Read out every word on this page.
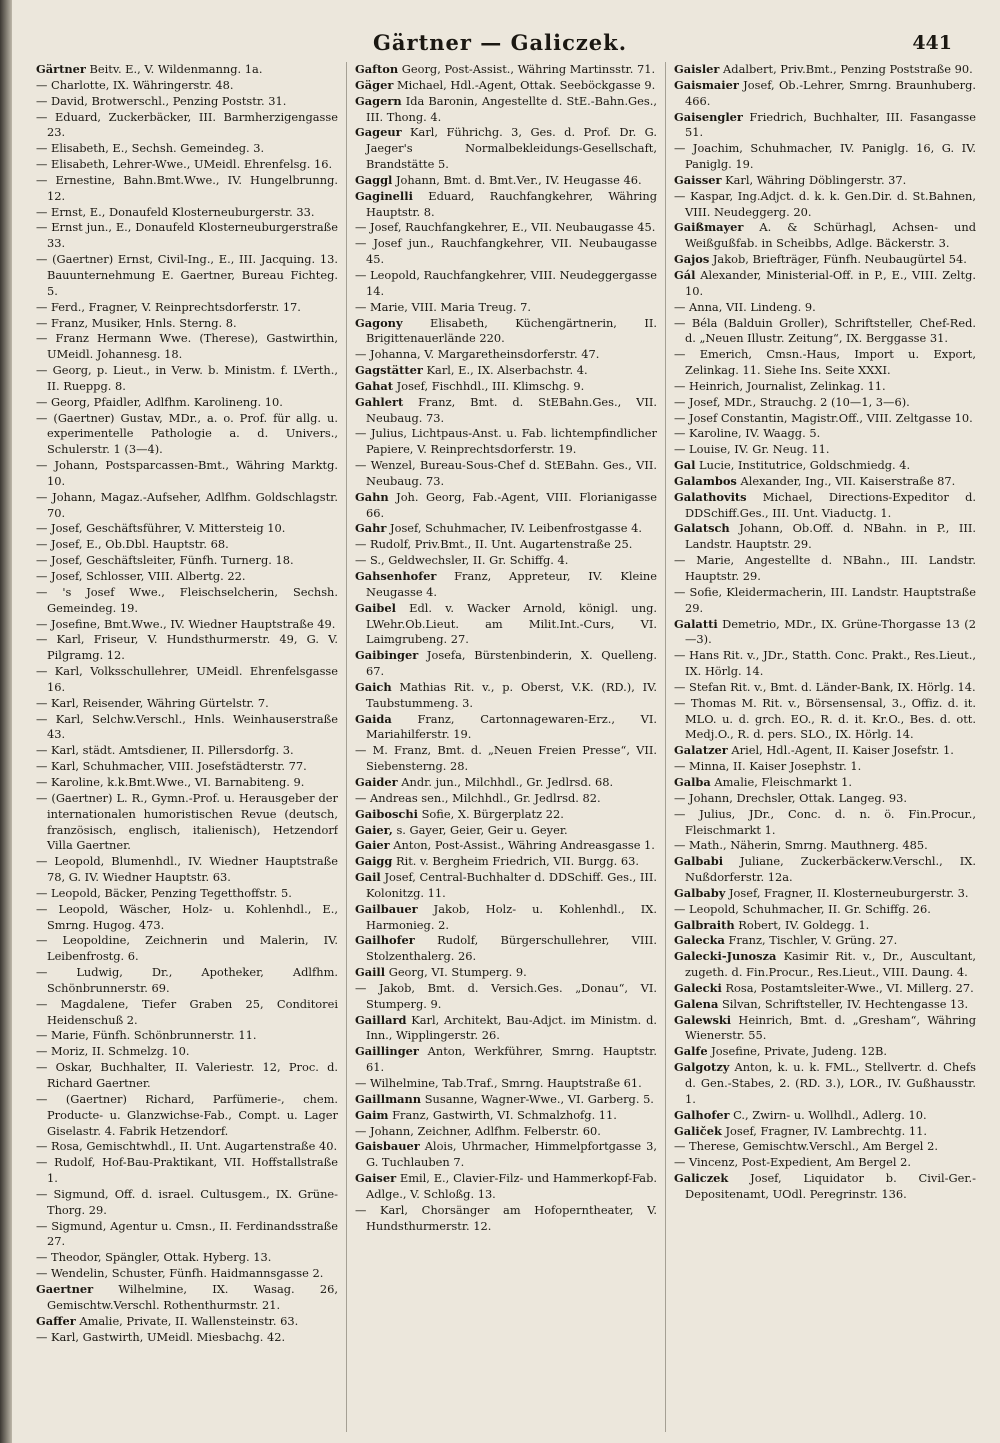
Gärtner — Galiczek.	441

Gärtner Beitv. E., V. Wildenmanng. 1a.

— Charlotte, IX. Währingerstr. 48.

— David, Brotwerschl., Penzing Poststr. 31.

— Eduard, Zuckerbäcker, III. Barmherzigengasse 23.

— Elisabeth, E., Sechsh. Gemeindeg. 3.

— Elisabeth, Lehrer-Wwe., UMeidl. Ehrenfelsg. 16.

— Ernestine, Bahn.Bmt.Wwe., IV. Hungelbrunng. 12.

— Ernst, E., Donaufeld Klosterneuburgerstr. 33.

— Ernst jun., E., Donaufeld Klosterneuburgerstraße 33.

— (Gaertner) Ernst, Civil-Ing., E., III. Jacquing. 13. Bauunternehmung E. Gaertner, Bureau Fichteg. 5.

— Ferd., Fragner, V. Reinprechtsdorferstr. 17.

— Franz, Musiker, Hnls. Sterng. 8.

— Franz Hermann Wwe. (Therese), Gastwirthin, UMeidl. Johannesg. 18.

— Georg, p. Lieut., in Verw. b. Ministm. f. LVerth., II. Rueppg. 8.

— Georg, Pfaidler, Adlfhm. Karolineng. 10.

— (Gaertner) Gustav, MDr., a. o. Prof. für allg. u. experimentelle Pathologie a. d. Univers., Schulerstr. 1 (3—4).

— Johann, Postsparcassen-Bmt., Währing Marktg. 10.

— Johann, Magaz.-Aufseher, Adlfhm. Goldschlagstr. 70.

— Josef, Geschäftsführer, V. Mittersteig 10.

— Josef, E., Ob.Dbl. Hauptstr. 68.

— Josef, Geschäftsleiter, Fünfh. Turnerg. 18.

— Josef, Schlosser, VIII. Albertg. 22.

— 's Josef Wwe., Fleischselcherin, Sechsh. Gemeindeg. 19.

— Josefine, Bmt.Wwe., IV. Wiedner Hauptstraße 49.

— Karl, Friseur, V. Hundsthurmerstr. 49, G. V. Pilgramg. 12.

— Karl, Volksschullehrer, UMeidl. Ehrenfelsgasse 16.

— Karl, Reisender, Währing Gürtelstr. 7.

— Karl, Selchw.Verschl., Hnls. Weinhauserstraße 43.

— Karl, städt. Amtsdiener, II. Pillersdorfg. 3.

— Karl, Schuhmacher, VIII. Josefstädterstr. 77.

— Karoline, k.k.Bmt.Wwe., VI. Barnabiteng. 9.

— (Gaertner) L. R., Gymn.-Prof. u. Herausgeber der internationalen humoristischen Revue (deutsch, französisch, englisch, italienisch), Hetzendorf Villa Gaertner.

— Leopold, Blumenhdl., IV. Wiedner Hauptstraße 78, G. IV. Wiedner Hauptstr. 63.

— Leopold, Bäcker, Penzing Tegetthoffstr. 5.

— Leopold, Wäscher, Holz- u. Kohlenhdl., E., Smrng. Hugog. 473.

— Leopoldine, Zeichnerin und Malerin, IV. Leibenfrostg. 6.

— Ludwig, Dr., Apotheker, Adlfhm. Schönbrunnerstr. 69.

— Magdalene, Tiefer Graben 25, Conditorei Heidenschuß 2.

— Marie, Fünfh. Schönbrunnerstr. 11.

— Moriz, II. Schmelzg. 10.

— Oskar, Buchhalter, II. Valeriestr. 12, Proc. d. Richard Gaertner.

— (Gaertner) Richard, Parfümerie-, chem. Producte- u. Glanzwichse-Fab., Compt. u. Lager Giselastr. 4. Fabrik Hetzendorf.

— Rosa, Gemischtwhdl., II. Unt. Augartenstraße 40.

— Rudolf, Hof-Bau-Praktikant, VII. Hoffstallstraße 1.

— Sigmund, Off. d. israel. Cultusgem., IX. Grüne-Thorg. 29.

— Sigmund, Agentur u. Cmsn., II. Ferdinandsstraße 27.

— Theodor, Spängler, Ottak. Hyberg. 13.

— Wendelin, Schuster, Fünfh. Haidmannsgasse 2.

Gaertner Wilhelmine, IX. Wasag. 26, Gemischtw.Verschl. Rothenthurmstr. 21.

Gaffer Amalie, Private, II. Wallensteinstr. 63.

— Karl, Gastwirth, UMeidl. Miesbachg. 42.

Gafton Georg, Post-Assist., Währing Martinsstr. 71.

Gäger Michael, Hdl.-Agent, Ottak. Seeböckgasse 9.

Gagern Ida Baronin, Angestellte d. StE.-Bahn.Ges., III. Thong. 4.

Gageur Karl, Führichg. 3, Ges. d. Prof. Dr. G. Jaeger's Normalbekleidungs-Gesellschaft, Brandstätte 5.

Gaggl Johann, Bmt. d. Bmt.Ver., IV. Heugasse 46.

Gaginelli Eduard, Rauchfangkehrer, Währing Hauptstr. 8.

— Josef, Rauchfangkehrer, E., VII. Neubaugasse 45.

— Josef jun., Rauchfangkehrer, VII. Neubaugasse 45.

— Leopold, Rauchfangkehrer, VIII. Neudeggergasse 14.

— Marie, VIII. Maria Treug. 7.

Gagony Elisabeth, Küchengärtnerin, II. Brigittenauerlände 220.

— Johanna, V. Margaretheinsdorferstr. 47.

Gagstätter Karl, E., IX. Alserbachstr. 4.

Gahat Josef, Fischhdl., III. Klimschg. 9.

Gahlert Franz, Bmt. d. StEBahn.Ges., VII. Neubaug. 73.

— Julius, Lichtpaus-Anst. u. Fab. lichtempfindlicher Papiere, V. Reinprechtsdorferstr. 19.

— Wenzel, Bureau-Sous-Chef d. StEBahn. Ges., VII. Neubaug. 73.

Gahn Joh. Georg, Fab.-Agent, VIII. Florianigasse 66.

Gahr Josef, Schuhmacher, IV. Leibenfrostgasse 4.

— Rudolf, Priv.Bmt., II. Unt. Augartenstraße 25.

— S., Geldwechsler, II. Gr. Schiffg. 4.

Gahsenhofer Franz, Appreteur, IV. Kleine Neugasse 4.

Gaibel Edl. v. Wacker Arnold, königl. ung. LWehr.Ob.Lieut. am Milit.Int.-Curs, VI. Laimgrubeng. 27.

Gaibinger Josefa, Bürstenbinderin, X. Quelleng. 67.

Gaich Mathias Rit. v., p. Oberst, V.K. (RD.), IV. Taubstummeng. 3.

Gaida Franz, Cartonnagewaren-Erz., VI. Mariahilferstr. 19.

— M. Franz, Bmt. d. „Neuen Freien Presse“, VII. Siebensterng. 28.

Gaider Andr. jun., Milchhdl., Gr. Jedlrsd. 68.

— Andreas sen., Milchhdl., Gr. Jedlrsd. 82.

Gaiboschi Sofie, X. Bürgerplatz 22.

Gaier, s. Gayer, Geier, Geir u. Geyer.

Gaier Anton, Post-Assist., Währing Andreasgasse 1.

Gaigg Rit. v. Bergheim Friedrich, VII. Burgg. 63.

Gail Josef, Central-Buchhalter d. DDSchiff. Ges., III. Kolonitzg. 11.

Gailbauer Jakob, Holz- u. Kohlenhdl., IX. Harmonieg. 2.

Gailhofer Rudolf, Bürgerschullehrer, VIII. Stolzenthalerg. 26.

Gaill Georg, VI. Stumperg. 9.

— Jakob, Bmt. d. Versich.Ges. „Donau“, VI. Stumperg. 9.

Gaillard Karl, Architekt, Bau-Adjct. im Ministm. d. Inn., Wipplingerstr. 26.

Gaillinger Anton, Werkführer, Smrng. Hauptstr. 61.

— Wilhelmine, Tab.Traf., Smrng. Hauptstraße 61.

Gaillmann Susanne, Wagner-Wwe., VI. Garberg. 5.

Gaim Franz, Gastwirth, VI. Schmalzhofg. 11.

— Johann, Zeichner, Adlfhm. Felberstr. 60.

Gaisbauer Alois, Uhrmacher, Himmelpfortgasse 3, G. Tuchlauben 7.

Gaiser Emil, E., Clavier-Filz- und Hammerkopf-Fab. Adlge., V. Schloßg. 13.

— Karl, Chorsänger am Hofoperntheater, V. Hundsthurmerstr. 12.

Gaisler Adalbert, Priv.Bmt., Penzing Poststraße 90.

Gaismaier Josef, Ob.-Lehrer, Smrng. Braunhuberg. 466.

Gaisengler Friedrich, Buchhalter, III. Fasangasse 51.

— Joachim, Schuhmacher, IV. Paniglg. 16, G. IV. Paniglg. 19.

Gaisser Karl, Währing Döblingerstr. 37.

— Kaspar, Ing.Adjct. d. k. k. Gen.Dir. d. St.Bahnen, VIII. Neudeggerg. 20.

Gaißmayer A. & Schürhagl, Achsen- und Weißgußfab. in Scheibbs, Adlge. Bäckerstr. 3.

Gajos Jakob, Briefträger, Fünfh. Neubaugürtel 54.

Gál Alexander, Ministerial-Off. in P., E., VIII. Zeltg. 10.

— Anna, VII. Lindeng. 9.

— Béla (Balduin Groller), Schriftsteller, Chef-Red. d. „Neuen Illustr. Zeitung“, IX. Berggasse 31.

— Emerich, Cmsn.-Haus, Import u. Export, Zelinkag. 11. Siehe Ins. Seite XXXI.

— Heinrich, Journalist, Zelinkag. 11.

— Josef, MDr., Strauchg. 2 (10—1, 3—6).

— Josef Constantin, Magistr.Off., VIII. Zeltgasse 10.

— Karoline, IV. Waagg. 5.

— Louise, IV. Gr. Neug. 11.

Gal Lucie, Institutrice, Goldschmiedg. 4.

Galambos Alexander, Ing., VII. Kaiserstraße 87.

Galathovits Michael, Directions-Expeditor d. DDSchiff.Ges., III. Unt. Viaductg. 1.

Galatsch Johann, Ob.Off. d. NBahn. in P., III. Landstr. Hauptstr. 29.

— Marie, Angestellte d. NBahn., III. Landstr. Hauptstr. 29.

— Sofie, Kleidermacherin, III. Landstr. Hauptstraße 29.

Galatti Demetrio, MDr., IX. Grüne-Thorgasse 13 (2—3).

— Hans Rit. v., JDr., Statth. Conc. Prakt., Res.Lieut., IX. Hörlg. 14.

— Stefan Rit. v., Bmt. d. Länder-Bank, IX. Hörlg. 14.

— Thomas M. Rit. v., Börsensensal, 3., Offiz. d. it. MLO. u. d. grch. EO., R. d. it. Kr.O., Bes. d. ott. Medj.O., R. d. pers. SLO., IX. Hörlg. 14.

Galatzer Ariel, Hdl.-Agent, II. Kaiser Josefstr. 1.

— Minna, II. Kaiser Josephstr. 1.

Galba Amalie, Fleischmarkt 1.

— Johann, Drechsler, Ottak. Langeg. 93.

— Julius, JDr., Conc. d. n. ö. Fin.Procur., Fleischmarkt 1.

— Math., Näherin, Smrng. Mauthnerg. 485.

Galbabi Juliane, Zuckerbäckerw.Verschl., IX. Nußdorferstr. 12a.

Galbaby Josef, Fragner, II. Klosterneuburgerstr. 3.

— Leopold, Schuhmacher, II. Gr. Schiffg. 26.

Galbraith Robert, IV. Goldegg. 1.

Galecka Franz, Tischler, V. Grüng. 27.

Galecki-Junosza Kasimir Rit. v., Dr., Auscultant, zugeth. d. Fin.Procur., Res.Lieut., VIII. Daung. 4.

Galecki Rosa, Postamtsleiter-Wwe., VI. Millerg. 27.

Galena Silvan, Schriftsteller, IV. Hechtengasse 13.

Galewski Heinrich, Bmt. d. „Gresham“, Währing Wienerstr. 55.

Galfe Josefine, Private, Judeng. 12B.

Galgotzy Anton, k. u. k. FML., Stellvertr. d. Chefs d. Gen.-Stabes, 2. (RD. 3.), LOR., IV. Gußhausstr. 1.

Galhofer C., Zwirn- u. Wollhdl., Adlerg. 10.

Galiček Josef, Fragner, IV. Lambrechtg. 11.

— Therese, Gemischtw.Verschl., Am Bergel 2.

— Vincenz, Post-Expedient, Am Bergel 2.

Galiczek Josef, Liquidator b. Civil-Ger.-Depositenamt, UOdl. Peregrinstr. 136.
